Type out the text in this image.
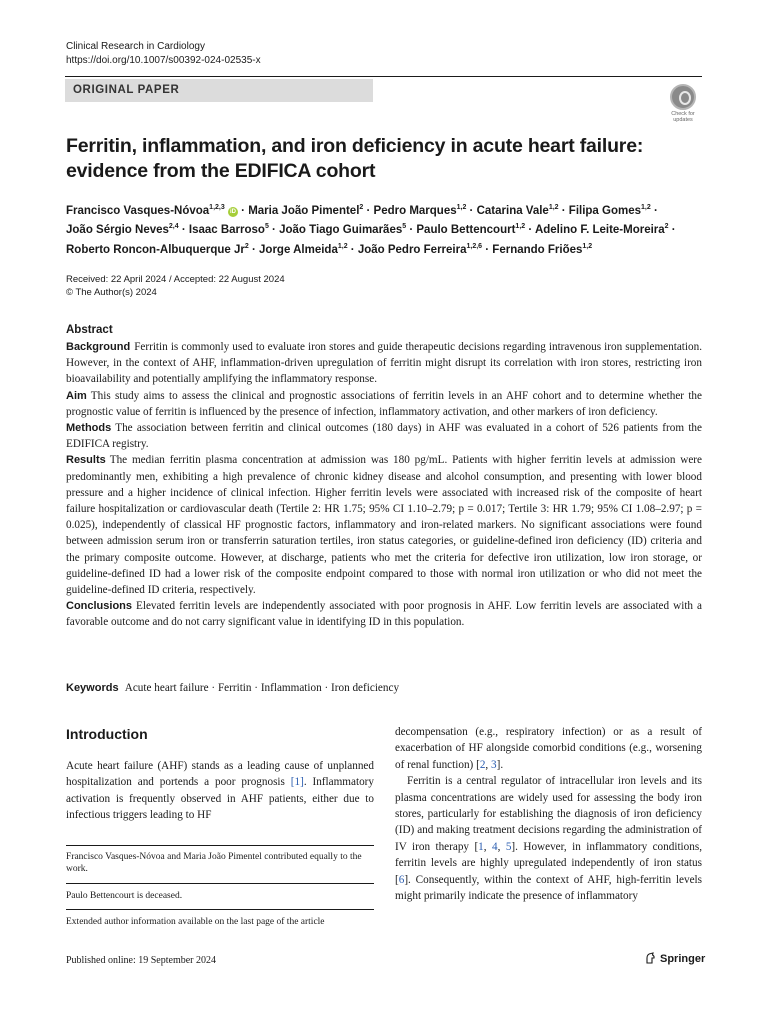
Clinical Research in Cardiology
https://doi.org/10.1007/s00392-024-02535-x
ORIGINAL PAPER
Check for updates
Ferritin, inflammation, and iron deficiency in acute heart failure: evidence from the EDIFICA cohort
Francisco Vasques-Nóvoa$^{1,2,3}$ iD · Maria João Pimentel$^2$ · Pedro Marques$^{1,2}$ · Catarina Vale$^{1,2}$ · Filipa Gomes$^{1,2}$ ·
João Sérgio Neves$^{2,4}$ · Isaac Barroso$^5$ · João Tiago Guimarães$^5$ · Paulo Bettencourt$^{1,2}$ · Adelino F. Leite-Moreira$^2$ ·
Roberto Roncon-Albuquerque $Jr^2$ · Jorge Almeida$^{1,2}$ · João Pedro Ferreira$^{1,2,6}$ · Fernando Friões$^{1,2}$
Received: 22 April 2024 / Accepted: 22 August 2024
© The Author(s) 2024
Abstract

Background Ferritin is commonly used to evaluate iron stores and guide therapeutic decisions regarding intravenous iron supplementation. However, in the context of AHF, inflammation-driven upregulation of ferritin might disrupt its correlation with iron stores, restricting iron bioavailability and potentially amplifying the inflammatory response.

Aim This study aims to assess the clinical and prognostic associations of ferritin levels in an AHF cohort and to determine whether the prognostic value of ferritin is influenced by the presence of infection, inflammatory activation, and other markers of iron deficiency.

Methods The association between ferritin and clinical outcomes (180 days) in AHF was evaluated in a cohort of 526 patients from the EDIFICA registry.

Results The median ferritin plasma concentration at admission was 180 pg/mL. Patients with higher ferritin levels at admission were predominantly men, exhibiting a high prevalence of chronic kidney disease and alcohol consumption, and presenting with lower blood pressure and a higher incidence of clinical infection. Higher ferritin levels were associated with increased risk of the composite of heart failure hospitalization or cardiovascular death (Tertile 2: HR 1.75; 95% CI 1.10–2.79; p = 0.017; Tertile 3: HR 1.79; 95% CI 1.08–2.97; p = 0.025), independently of classical HF prognostic factors, inflammatory and iron-related markers. No significant associations were found between admission serum iron or transferrin saturation tertiles, iron status categories, or guideline-defined iron deficiency (ID) criteria and the primary composite outcome. However, at discharge, patients who met the criteria for defective iron utilization, low iron storage, or guideline-defined ID had a lower risk of the composite endpoint compared to those with normal iron utilization or who did not meet the guideline-defined ID criteria, respectively.

Conclusions Elevated ferritin levels are independently associated with poor prognosis in AHF. Low ferritin levels are associated with a favorable outcome and do not carry significant value in identifying ID in this population.

Keywords Acute heart failure · Ferritin · Inflammation · Iron deficiency
Introduction

Acute heart failure (AHF) stands as a leading cause of unplanned hospitalization and portends a poor prognosis [1]. Inflammatory activation is frequently observed in AHF patients, either due to infectious triggers leading to HF

decompensation (e.g., respiratory infection) or as a result of exacerbation of HF alongside comorbid conditions (e.g., worsening of renal function) [2, 3].

Ferritin is a central regulator of intracellular iron levels and its plasma concentrations are widely used for assessing the body iron stores, particularly for establishing the diagnosis of iron deficiency (ID) and making treatment decisions regarding the administration of IV iron therapy [1, 4, 5]. However, in inflammatory conditions, ferritin levels are highly upregulated independently of iron status [6]. Consequently, within the context of AHF, high-ferritin levels might primarily indicate the presence of inflammatory

Francisco Vasques-Nóvoa and Maria João Pimentel contributed equally to the work.
Paulo Bettencourt is deceased.
Extended author information available on the last page of the article
Published online: 19 September 2024	Springer
